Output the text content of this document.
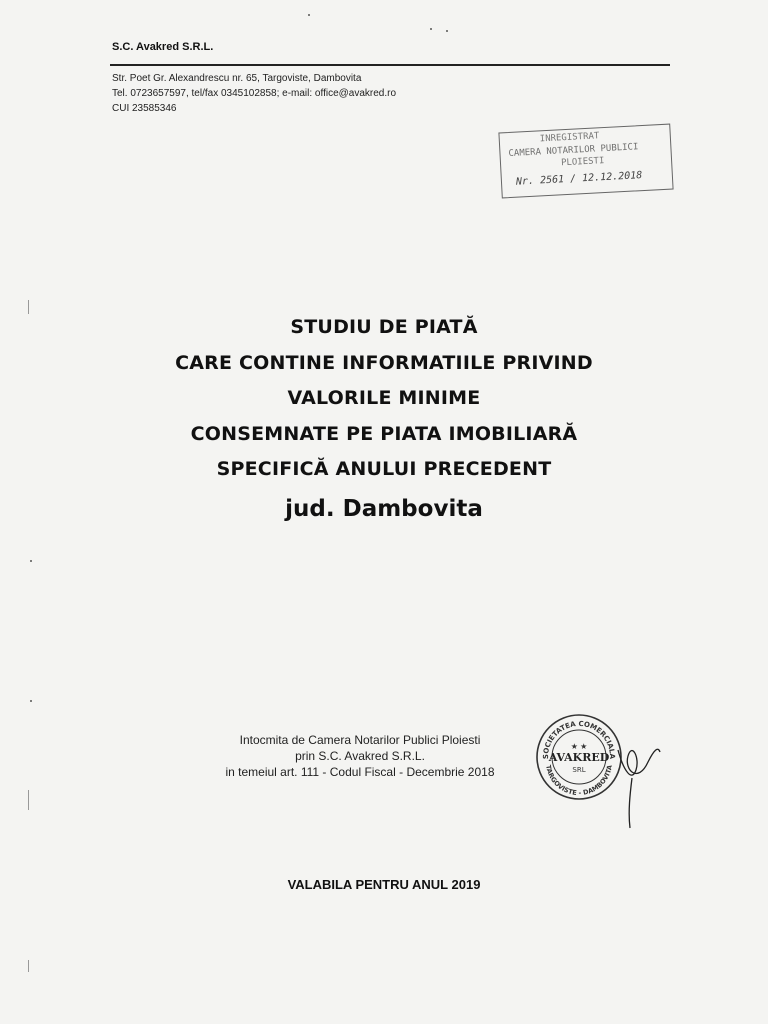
S.C. Avakred S.R.L.
Str. Poet Gr. Alexandrescu nr. 65, Targoviste, Dambovita
Tel. 0723657597, tel/fax 0345102858; e-mail: office@avakred.ro
CUI 23585346
INREGISTRAT
CAMERA NOTARILOR PUBLICI
PLOIESTI
Nr. 2561 / 12.12.2018
STUDIU DE PIATĂ
CARE CONTINE INFORMATIILE PRIVIND
VALORILE MINIME
CONSEMNATE PE PIATA IMOBILIARĂ
SPECIFICĂ ANULUI PRECEDENT
jud. Dambovita
Intocmita de Camera Notarilor Publici Ploiesti
prin S.C. Avakred S.R.L.
in temeiul art. 111 - Codul Fiscal - Decembrie 2018
SOCIETATEA COMERCIALA
TARGOVISTE - DAMBOVITA
★ ★
AVAKRED
SRL
VALABILA PENTRU ANUL 2019
